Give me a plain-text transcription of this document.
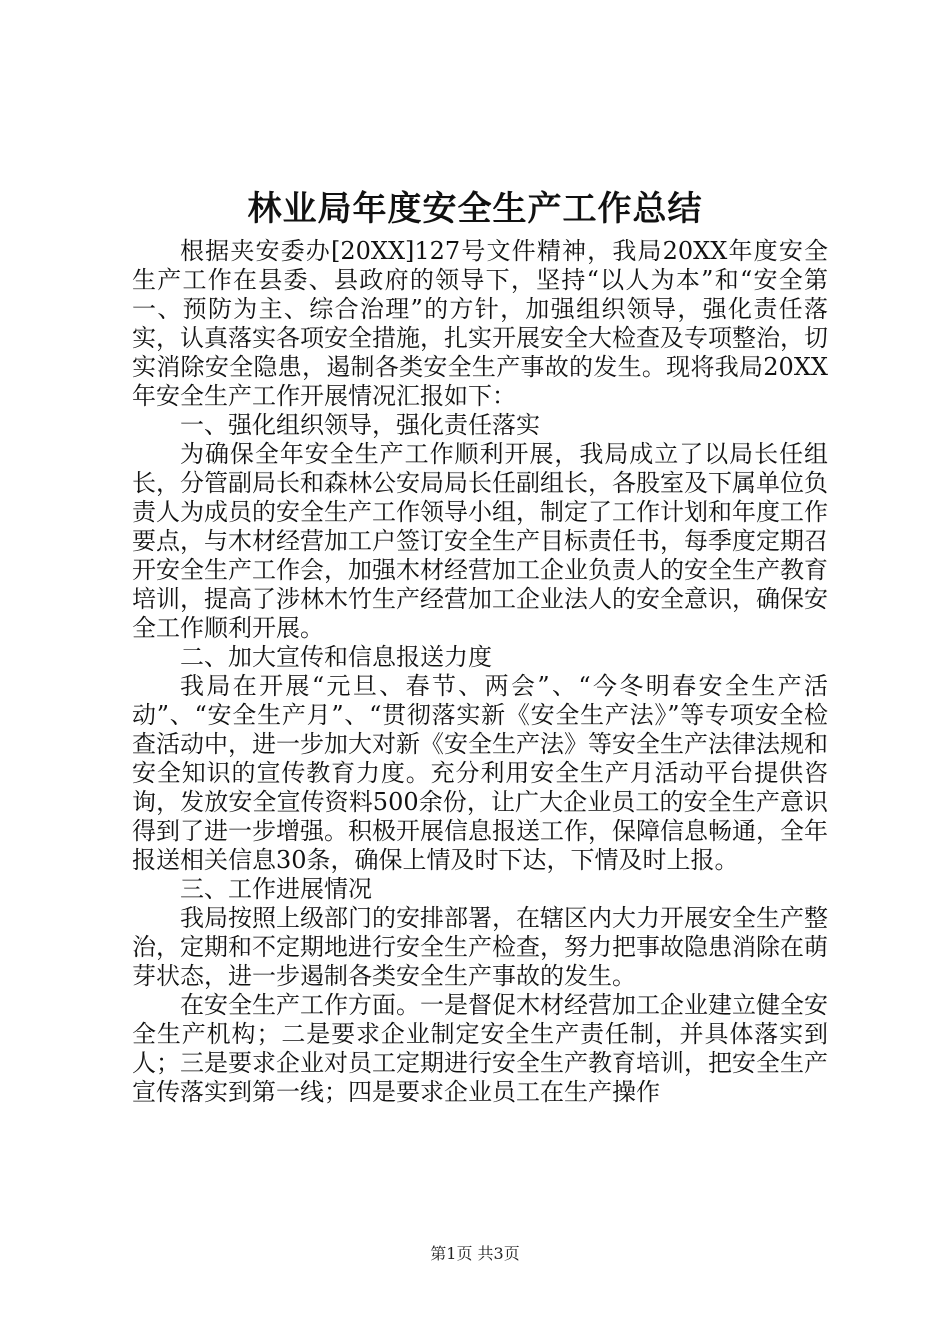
林业局年度安全生产工作总结

根据夹安委办[20XX]127号文件精神，我局20XX年度安全生产工作在县委、县政府的领导下，坚持“以人为本”和“安全第一、预防为主、综合治理”的方针，加强组织领导，强化责任落实，认真落实各项安全措施，扎实开展安全大检查及专项整治，切实消除安全隐患，遏制各类安全生产事故的发生。现将我局20XX年安全生产工作开展情况汇报如下：

一、强化组织领导，强化责任落实

为确保全年安全生产工作顺利开展，我局成立了以局长任组长，分管副局长和森林公安局局长任副组长，各股室及下属单位负责人为成员的安全生产工作领导小组，制定了工作计划和年度工作要点，与木材经营加工户签订安全生产目标责任书，每季度定期召开安全生产工作会，加强木材经营加工企业负责人的安全生产教育培训，提高了涉林木竹生产经营加工企业法人的安全意识，确保安全工作顺利开展。

二、加大宣传和信息报送力度

我局在开展“元旦、春节、两会”、“今冬明春安全生产活动”、“安全生产月”、“贯彻落实新《安全生产法》”等专项安全检查活动中，进一步加大对新《安全生产法》等安全生产法律法规和安全知识的宣传教育力度。充分利用安全生产月活动平台提供咨询，发放安全宣传资料500余份，让广大企业员工的安全生产意识得到了进一步增强。积极开展信息报送工作，保障信息畅通，全年报送相关信息30条，确保上情及时下达，下情及时上报。

三、工作进展情况

我局按照上级部门的安排部署，在辖区内大力开展安全生产整治，定期和不定期地进行安全生产检查，努力把事故隐患消除在萌芽状态，进一步遏制各类安全生产事故的发生。

在安全生产工作方面。一是督促木材经营加工企业建立健全安全生产机构；二是要求企业制定安全生产责任制，并具体落实到人；三是要求企业对员工定期进行安全生产教育培训，把安全生产宣传落实到第一线；四是要求企业员工在生产操作

第1页 共3页
